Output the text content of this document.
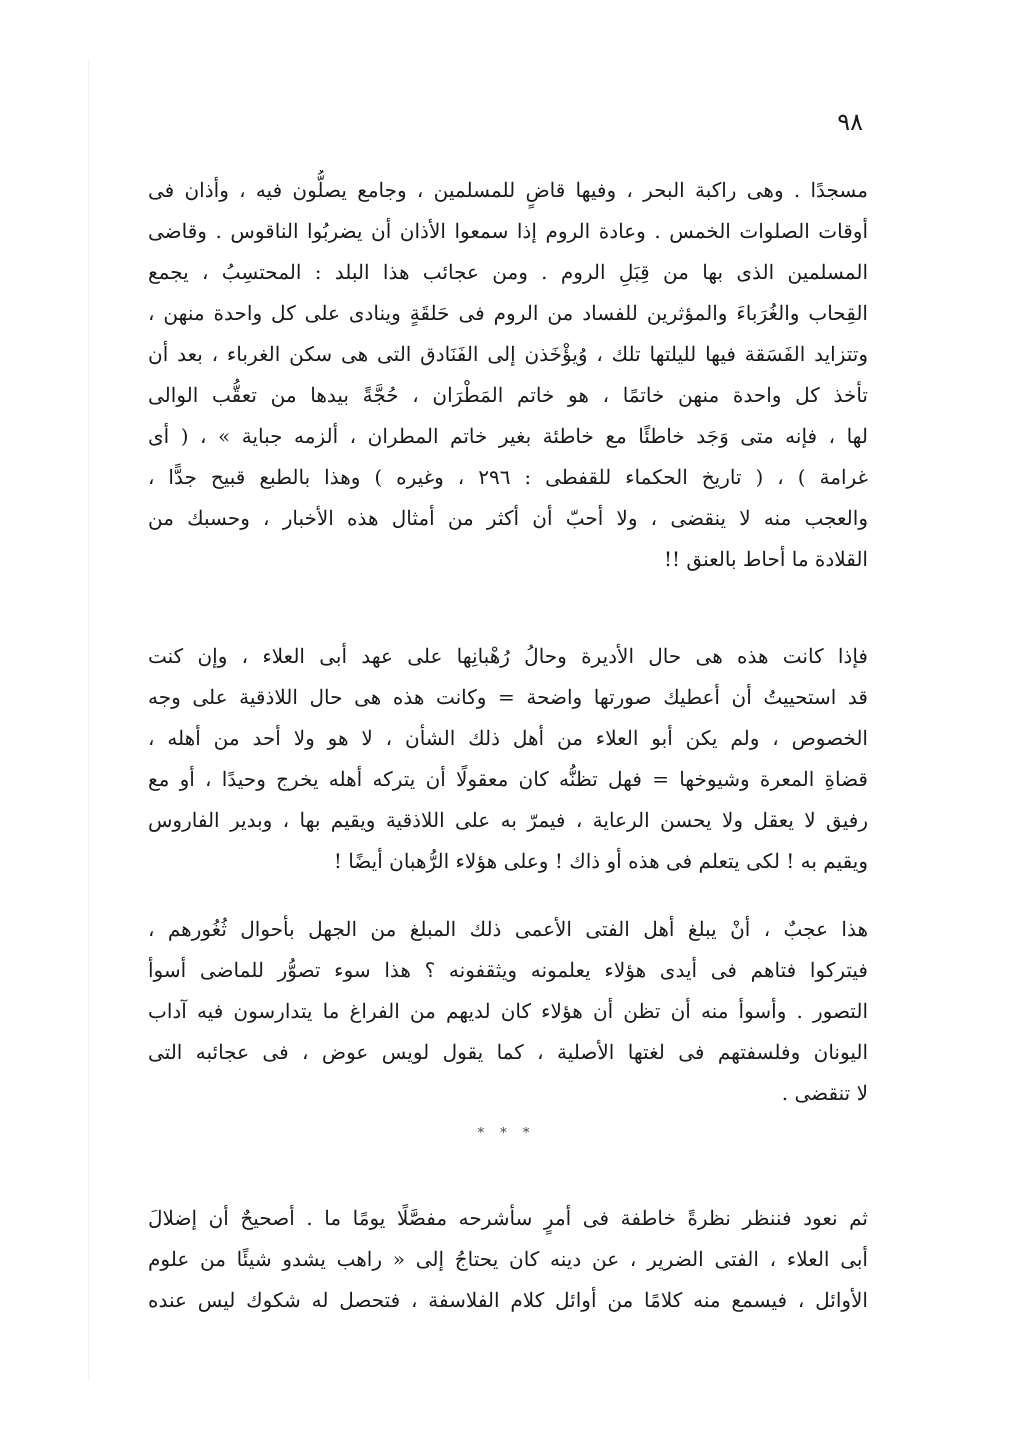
٩٨
مسجدًا . وهى راكبة البحر ، وفيها قاضٍ للمسلمين ، وجامع يصلُّون فيه ، وأذان فى
أوقات الصلوات الخمس . وعادة الروم إذا سمعوا الأذان أن يضربُوا الناقوس . وقاضى
المسلمين الذى بها من قِبَلِ الروم . ومن عجائب هذا البلد : المحتسِبُ ، يجمع
القِحاب والغُرَباءَ والمؤثرين للفساد من الروم فى حَلقَةٍ وينادى على كل واحدة منهن ،
وتتزايد الفَسَقة فيها لليلتها تلك ، وُيؤْخَذن إلى الفَنَادق التى هى سكن الغرباء ، بعد أن
تأخذ كل واحدة منهن خاتمًا ، هو خاتم المَطْرَان ، حُجَّةً بيدها من تعقُّب الوالى
لها ، فإنه متى وَجَد خاطئًا مع خاطئة بغير خاتم المطران ، ألزمه جباية » ، ( أى
غرامة ) ، ( تاريخ الحكماء للقفطى : ٢٩٦ ، وغيره ) وهذا بالطبع قبيح جدًّا ،
والعجب منه لا ينقضى ، ولا أحبّ أن أكثر من أمثال هذه الأخبار ، وحسبك من
القلادة ما أحاط بالعنق !!
فإذا كانت هذه هى حال الأديرة وحالُ رُهْبانِها على عهد أبى العلاء ، وإن كنت
قد استحييتُ أن أعطيك صورتها واضحة = وكانت هذه هى حال اللاذقية على وجه
الخصوص ، ولم يكن أبو العلاء من أهل ذلك الشأن ، لا هو ولا أحد من أهله ،
قضاةِ المعرة وشيوخها = فهل تظنُّه كان معقولًا أن يتركه أهله يخرج وحيدًا ، أو مع
رفيق لا يعقل ولا يحسن الرعاية ، فيمرّ به على اللاذقية ويقيم بها ، وبدير الفاروس
ويقيم به ! لكى يتعلم فى هذه أو ذاك ! وعلى هؤلاء الرُّهبان أيضًا !
هذا عجبٌ ، أنْ يبلغ أهل الفتى الأعمى ذلك المبلغ من الجهل بأحوال ثُغُورهم ،
فيتركوا فتاهم فى أيدى هؤلاء يعلمونه ويثقفونه ؟ هذا سوء تصوُّر للماضى أسوأ
التصور . وأسوأ منه أن تظن أن هؤلاء كان لديهم من الفراغ ما يتدارسون فيه آداب
اليونان وفلسفتهم فى لغتها الأصلية ، كما يقول لويس عوض ، فى عجائبه التى
لا تنقضى .
* * *
ثم نعود فننظر نظرةً خاطفة فى أمرٍ سأشرحه مفصَّلًا يومًا ما . أصحيحٌ أن إضلالَ
أبى العلاء ، الفتى الضرير ، عن دينه كان يحتاجُ إلى « راهب يشدو شيئًا من علوم
الأوائل ، فيسمع منه كلامًا من أوائل كلام الفلاسفة ، فتحصل له شكوك ليس عنده
